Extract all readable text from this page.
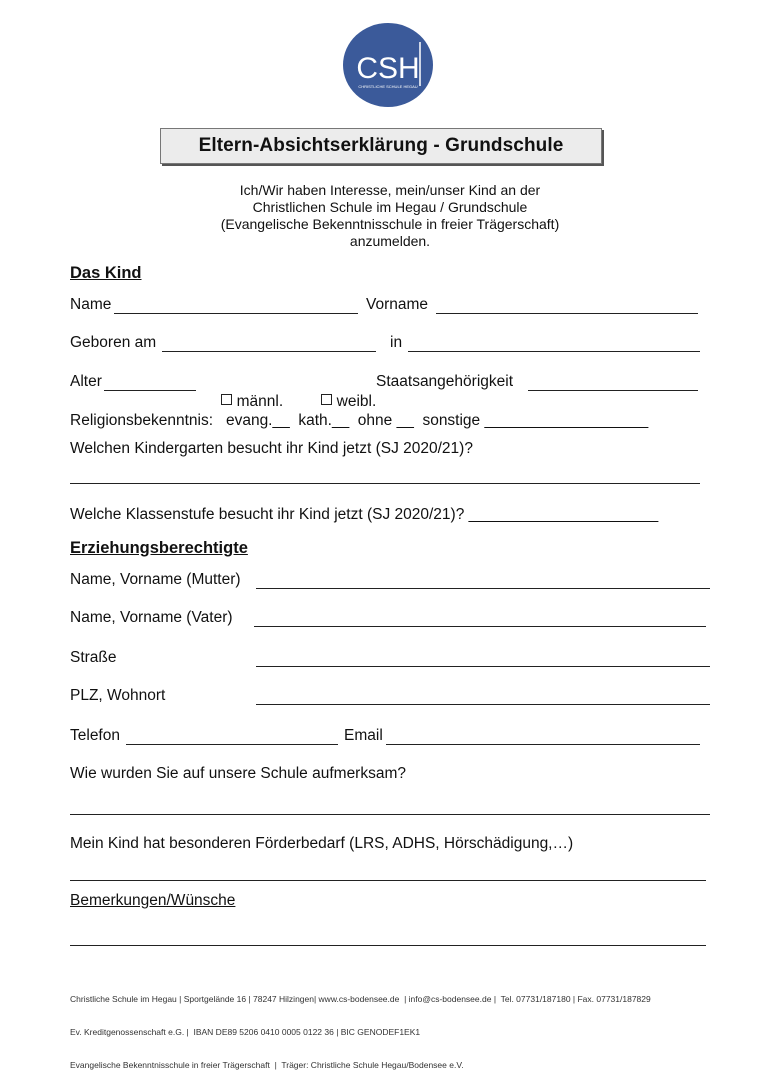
CSH
CHRISTLICHE SCHULE HEGAU
Eltern-Absichtserklärung - Grundschule
Ich/Wir haben Interesse, mein/unser Kind an der
Christlichen Schule im Hegau / Grundschule
(Evangelische Bekenntnisschule in freier Trägerschaft)
anzumelden.
Das Kind
Name	Vorname
Geboren am	in
Alter

männl.	weibl.

Staatsangehörigkeit
Religionsbekenntnis:   evang.__  kath.__  ohne __  sonstige ___________________
Welchen Kindergarten besucht ihr Kind jetzt (SJ 2020/21)?
Welche Klassenstufe besucht ihr Kind jetzt (SJ 2020/21)? ______________________
Erziehungsberechtigte
Name, Vorname (Mutter)
Name, Vorname (Vater)
Straße
PLZ, Wohnort
Telefon	Email
Wie wurden Sie auf unsere Schule aufmerksam?
Mein Kind hat besonderen Förderbedarf (LRS, ADHS, Hörschädigung,…)
Bemerkungen/Wünsche

Christliche Schule im Hegau | Sportgelände 16 | 78247 Hilzingen| www.cs-bodensee.de  | info@cs-bodensee.de |  Tel. 07731/187180 | Fax. 07731/187829

Ev. Kreditgenossenschaft e.G. |  IBAN DE89 5206 0410 0005 0122 36 | BIC GENODEF1EK1

Evangelische Bekenntnisschule in freier Trägerschaft  |  Träger: Christliche Schule Hegau/Bodensee e.V.
